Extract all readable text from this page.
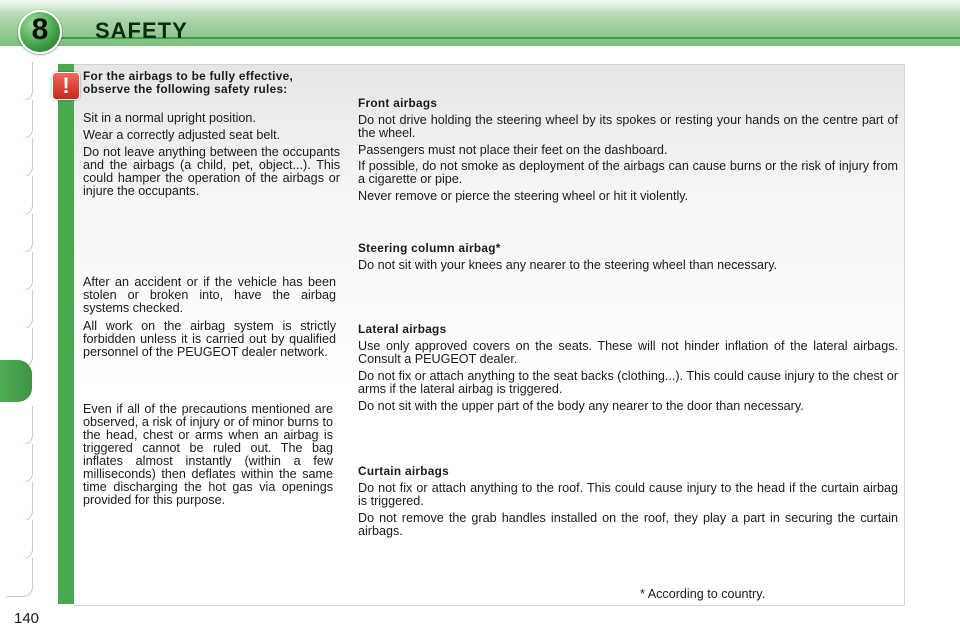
8	SAFETY
!	For the airbags to be fully effective, observe the following safety rules:
Sit in a normal upright position.
Wear a correctly adjusted seat belt.
Do not leave anything between the occupants and the airbags (a child, pet, object...). This could hamper the operation of the airbags or injure the occupants.
After an accident or if the vehicle has been stolen or broken into, have the airbag systems checked.
All work on the airbag system is strictly forbidden unless it is carried out by qualified personnel of the PEUGEOT dealer network.
Even if all of the precautions mentioned are observed, a risk of injury or of minor burns to the head, chest or arms when an airbag is triggered cannot be ruled out. The bag inflates almost instantly (within a few milliseconds) then deflates within the same time discharging the hot gas via openings provided for this purpose.
Front airbags
Do not drive holding the steering wheel by its spokes or resting your hands on the centre part of the wheel.
Passengers must not place their feet on the dashboard.
If possible, do not smoke as deployment of the airbags can cause burns or the risk of injury from a cigarette or pipe.
Never remove or pierce the steering wheel or hit it violently.
Steering column airbag*
Do not sit with your knees any nearer to the steering wheel than necessary.
Lateral airbags
Use only approved covers on the seats. These will not hinder inflation of the lateral airbags. Consult a PEUGEOT dealer.
Do not fix or attach anything to the seat backs (clothing...). This could cause injury to the chest or arms if the lateral airbag is triggered.
Do not sit with the upper part of the body any nearer to the door than necessary.
Curtain airbags
Do not fix or attach anything to the roof. This could cause injury to the head if the curtain airbag is triggered.
Do not remove the grab handles installed on the roof, they play a part in securing the curtain airbags.
* According to country.
140
